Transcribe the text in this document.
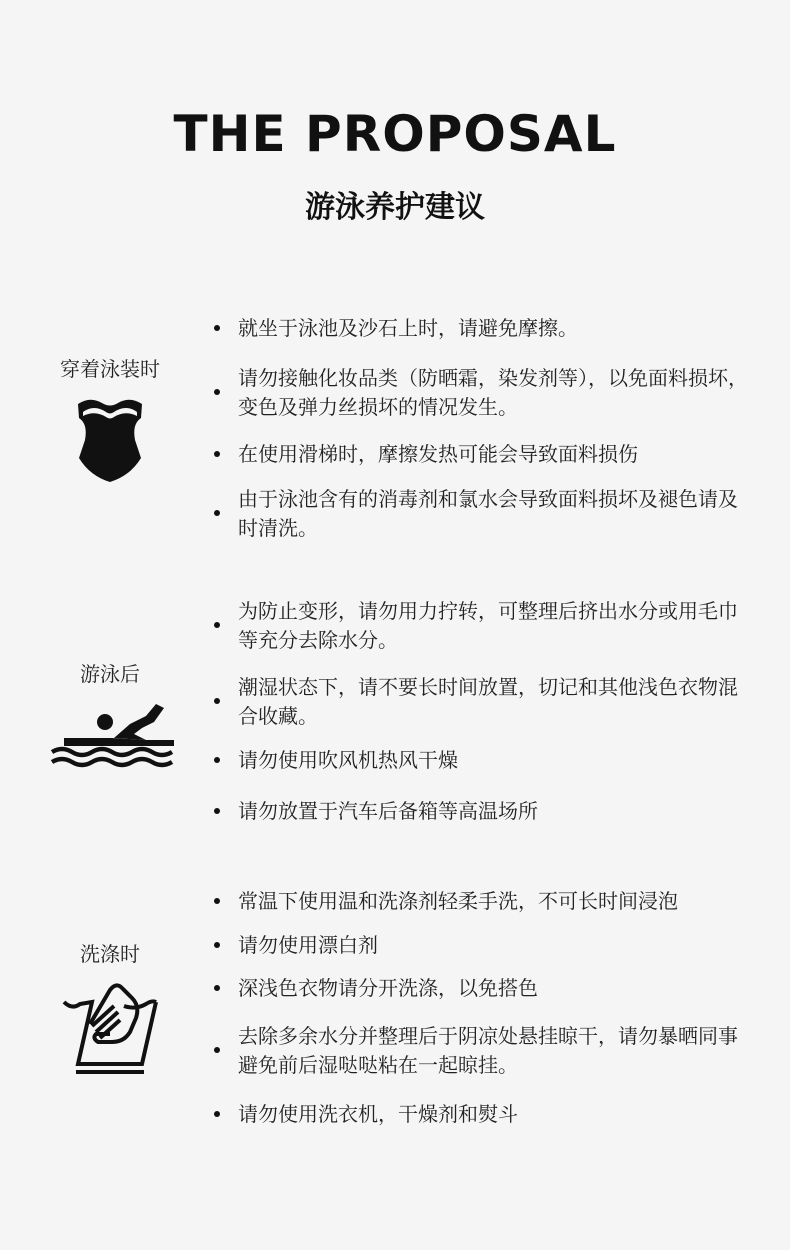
THE PROPOSAL
游泳养护建议
穿着泳装时
就坐于泳池及沙石上时，请避免摩擦。
请勿接触化妆品类（防晒霜，染发剂等），以免面料损坏，变色及弹力丝损坏的情况发生。
在使用滑梯时，摩擦发热可能会导致面料损伤
由于泳池含有的消毒剂和氯水会导致面料损坏及褪色请及时清洗。
游泳后
为防止变形，请勿用力拧转，可整理后挤出水分或用毛巾等充分去除水分。
潮湿状态下，请不要长时间放置，切记和其他浅色衣物混合收藏。
请勿使用吹风机热风干燥
请勿放置于汽车后备箱等高温场所
洗涤时
常温下使用温和洗涤剂轻柔手洗，不可长时间浸泡
请勿使用漂白剂
深浅色衣物请分开洗涤，以免搭色
去除多余水分并整理后于阴凉处悬挂晾干，请勿暴晒同事避免前后湿哒哒粘在一起晾挂。
请勿使用洗衣机，干燥剂和熨斗
